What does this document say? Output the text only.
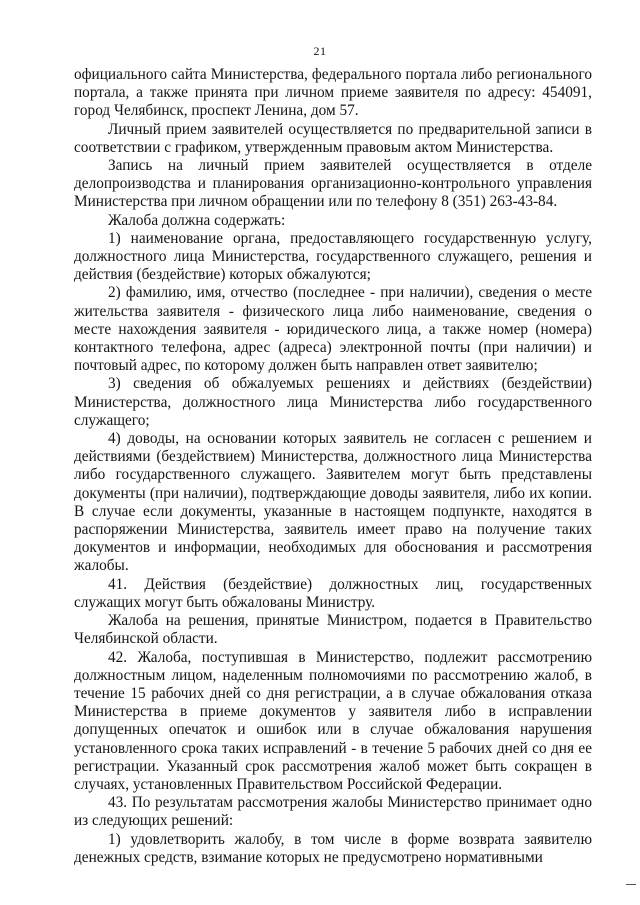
21

официального сайта Министерства, федерального портала либо регионального портала, а также принята при личном приеме заявителя по адресу: 454091, город Челябинск, проспект Ленина, дом 57.

Личный прием заявителей осуществляется по предварительной записи в соответствии с графиком, утвержденным правовым актом Министерства.

Запись на личный прием заявителей осуществляется в отделе делопроизводства и планирования организационно-контрольного управления Министерства при личном обращении или по телефону 8 (351) 263-43-84.

Жалоба должна содержать:

1) наименование органа, предоставляющего государственную услугу, должностного лица Министерства, государственного служащего, решения и действия (бездействие) которых обжалуются;

2) фамилию, имя, отчество (последнее - при наличии), сведения о месте жительства заявителя - физического лица либо наименование, сведения о месте нахождения заявителя - юридического лица, а также номер (номера) контактного телефона, адрес (адреса) электронной почты (при наличии) и почтовый адрес, по которому должен быть направлен ответ заявителю;

3) сведения об обжалуемых решениях и действиях (бездействии) Министерства, должностного лица Министерства либо государственного служащего;

4) доводы, на основании которых заявитель не согласен с решением и действиями (бездействием) Министерства, должностного лица Министерства либо государственного служащего. Заявителем могут быть представлены документы (при наличии), подтверждающие доводы заявителя, либо их копии. В случае если документы, указанные в настоящем подпункте, находятся в распоряжении Министерства, заявитель имеет право на получение таких документов и информации, необходимых для обоснования и рассмотрения жалобы.

41. Действия (бездействие) должностных лиц, государственных служащих могут быть обжалованы Министру.

Жалоба на решения, принятые Министром, подается в Правительство Челябинской области.

42. Жалоба, поступившая в Министерство, подлежит рассмотрению должностным лицом, наделенным полномочиями по рассмотрению жалоб, в течение 15 рабочих дней со дня регистрации, а в случае обжалования отказа Министерства в приеме документов у заявителя либо в исправлении допущенных опечаток и ошибок или в случае обжалования нарушения установленного срока таких исправлений - в течение 5 рабочих дней со дня ее регистрации. Указанный срок рассмотрения жалоб может быть сокращен в случаях, установленных Правительством Российской Федерации.

43. По результатам рассмотрения жалобы Министерство принимает одно из следующих решений:

1) удовлетворить жалобу, в том числе в форме возврата заявителю денежных средств, взимание которых не предусмотрено нормативными
